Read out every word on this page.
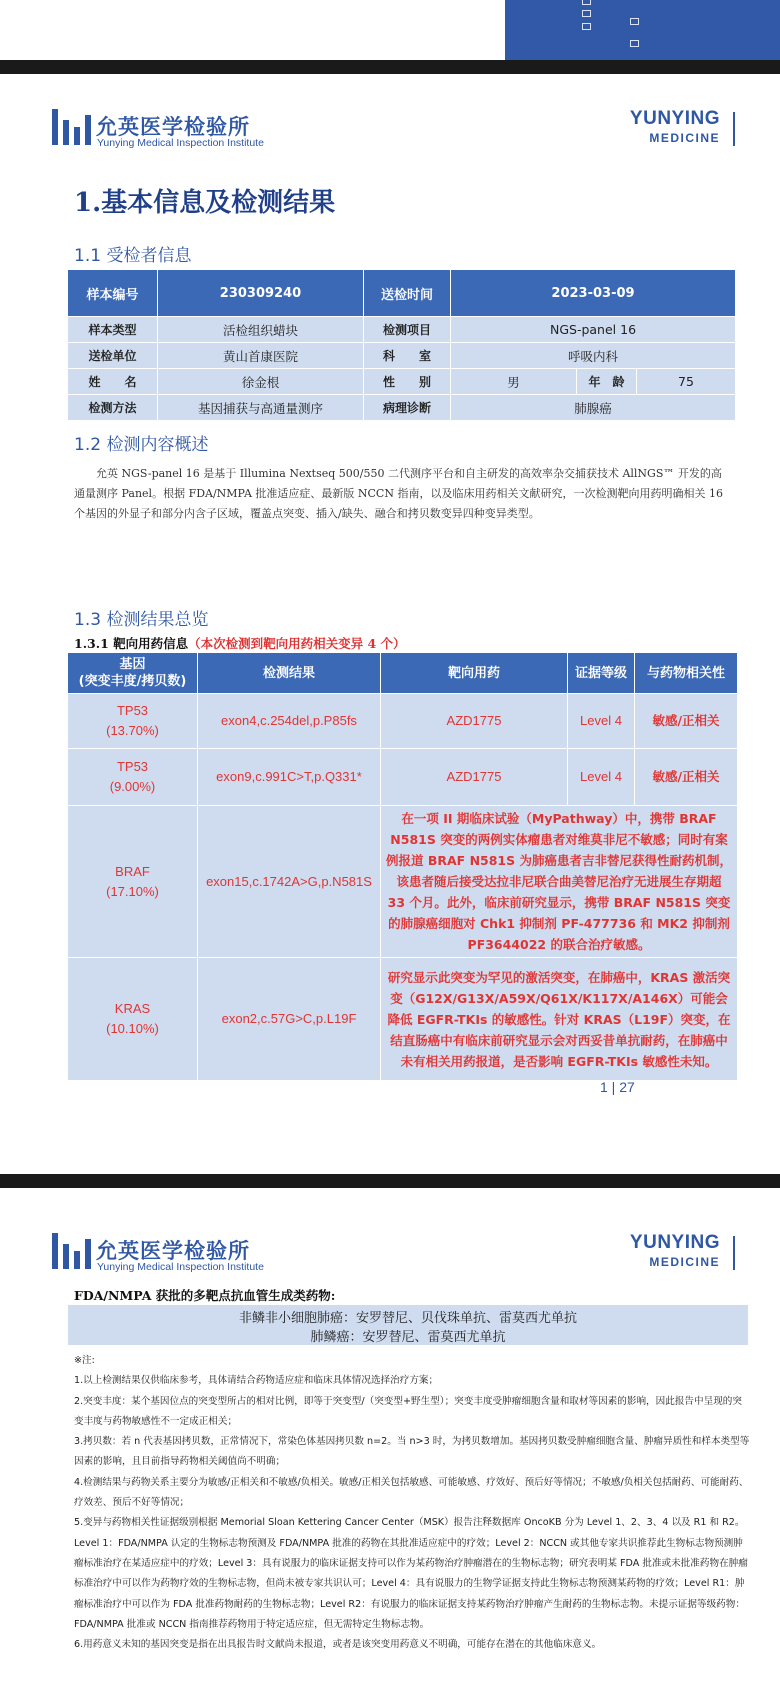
允英医学检验所
Yunying Medical Inspection Institute
YUNYING
MEDICINE
1.基本信息及检测结果
1.1 受检者信息
样本编号	230309240	送检时间	2023-03-09		
样本类型	活检组织蜡块	检测项目	NGS-panel 16		
送检单位	黄山首康医院	科　　室	呼吸内科		
姓　　名	徐金根	性　　别	男	年　龄	75
检测方法	基因捕获与高通量测序	病理诊断	肺腺癌		
1.2 检测内容概述
允英 NGS-panel 16 是基于 Illumina Nextseq 500/550 二代测序平台和自主研发的高效率杂交捕获技术 AllNGS™ 开发的高通量测序 Panel。根据 FDA/NMPA 批准适应症、最新版 NCCN 指南，以及临床用药相关文献研究，一次检测靶向用药明确相关 16 个基因的外显子和部分内含子区域，覆盖点突变、插入/缺失、融合和拷贝数变异四种变异类型。
1.3 检测结果总览
1.3.1 靶向用药信息（本次检测到靶向用药相关变异 4 个）
基因
(突变丰度/拷贝数)	检测结果	靶向用药	证据等级	与药物相关性

TP53
(13.70%)	exon4,c.254del,p.P85fs	AZD1775	Level 4	敏感/正相关

TP53
(9.00%)	exon9,c.991C>T,p.Q331*	AZD1775	Level 4	敏感/正相关

BRAF
(17.10%)	exon15,c.1742A>G,p.N581S	在一项 II 期临床试验（MyPathway）中，携带 BRAF N581S 突变的两例实体瘤患者对维莫非尼不敏感；同时有案例报道 BRAF N581S 为肺癌患者吉非替尼获得性耐药机制，该患者随后接受达拉非尼联合曲美替尼治疗无进展生存期超 33 个月。此外，临床前研究显示，携带 BRAF N581S 突变的肺腺癌细胞对 Chk1 抑制剂 PF-477736 和 MK2 抑制剂 PF3644022 的联合治疗敏感。		

KRAS
(10.10%)	exon2,c.57G>C,p.L19F	研究显示此突变为罕见的激活突变，在肺癌中，KRAS 激活突变（G12X/G13X/A59X/Q61X/K117X/A146X）可能会降低 EGFR-TKIs 的敏感性。针对 KRAS（L19F）突变，在结直肠癌中有临床前研究显示会对西妥昔单抗耐药，在肺癌中未有相关用药报道，是否影响 EGFR-TKIs 敏感性未知。		
1 | 27
允英医学检验所
Yunying Medical Inspection Institute
YUNYING
MEDICINE
FDA/NMPA 获批的多靶点抗血管生成类药物:
非鳞非小细胞肺癌：安罗替尼、贝伐珠单抗、雷莫西尤单抗
肺鳞癌：安罗替尼、雷莫西尤单抗

※注:

1.以上检测结果仅供临床参考，具体请结合药物适应症和临床具体情况选择治疗方案；

2.突变丰度：某个基因位点的突变型所占的相对比例，即等于突变型/（突变型+野生型）；突变丰度受肿瘤细胞含量和取材等因素的影响，因此报告中呈现的突变丰度与药物敏感性不一定成正相关；

3.拷贝数：若 n 代表基因拷贝数，正常情况下，常染色体基因拷贝数 n=2。当 n>3 时，为拷贝数增加。基因拷贝数受肿瘤细胞含量、肿瘤异质性和样本类型等因素的影响，且目前指导药物相关阈值尚不明确；

4.检测结果与药物关系主要分为敏感/正相关和不敏感/负相关。敏感/正相关包括敏感、可能敏感、疗效好、预后好等情况；不敏感/负相关包括耐药、可能耐药、疗效差、预后不好等情况；

5.变异与药物相关性证据级别根据 Memorial Sloan Kettering Cancer Center（MSK）报告注释数据库 OncoKB 分为 Level 1、2、3、4 以及 R1 和 R2。Level 1：FDA/NMPA 认定的生物标志物预测及 FDA/NMPA 批准的药物在其批准适应症中的疗效；Level 2：NCCN 或其他专家共识推荐此生物标志物预测肿瘤标准治疗在某适应症中的疗效；Level 3：具有说服力的临床证据支持可以作为某药物治疗肿瘤潜在的生物标志物；研究表明某 FDA 批准或未批准药物在肿瘤标准治疗中可以作为药物疗效的生物标志物，但尚未被专家共识认可；Level 4：具有说服力的生物学证据支持此生物标志物预测某药物的疗效；Level R1：肿瘤标准治疗中可以作为 FDA 批准药物耐药的生物标志物；Level R2：有说服力的临床证据支持某药物治疗肿瘤产生耐药的生物标志物。未提示证据等级药物：FDA/NMPA 批准或 NCCN 指南推荐药物用于特定适应症，但无需特定生物标志物。

6.用药意义未知的基因突变是指在出具报告时文献尚未报道，或者是该突变用药意义不明确，可能存在潜在的其他临床意义。
